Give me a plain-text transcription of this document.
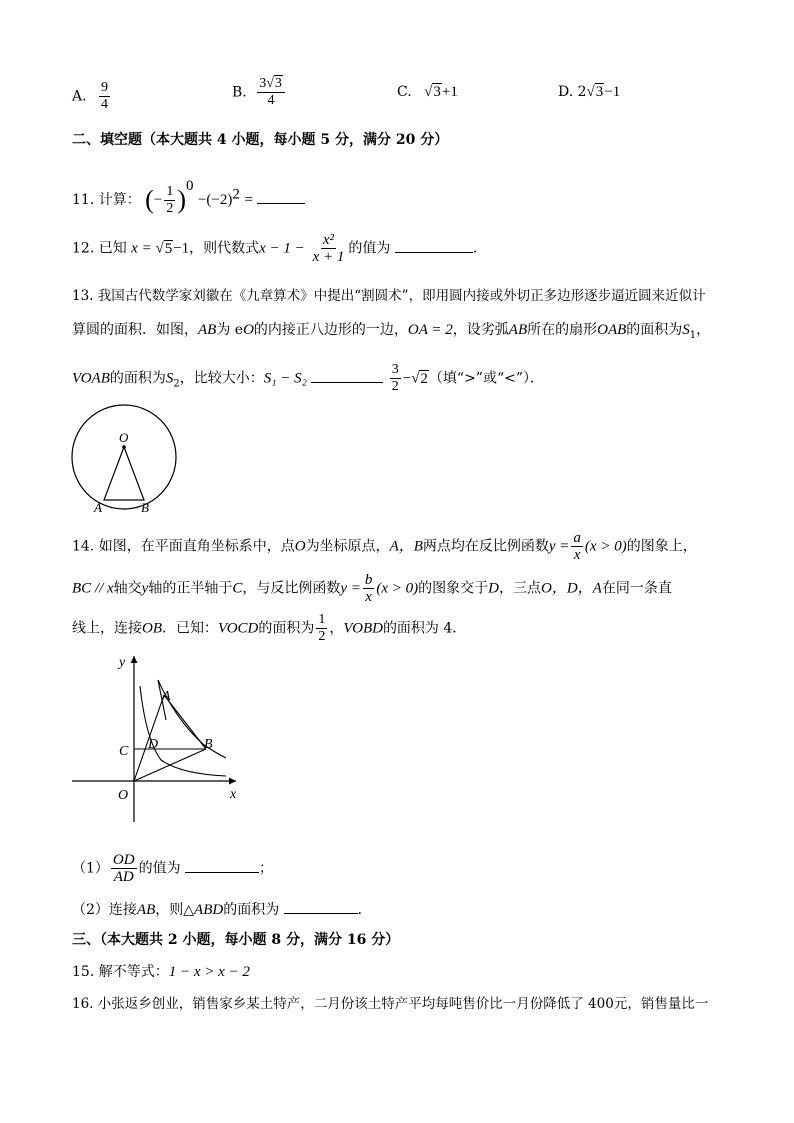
A. $\frac{9}{4}$	B. $\frac{3√3}{4}$	C. √3+1	D. 2√3−1
二、填空题（本大题共 4 小题，每小题 5 分，满分 20 分）
11. 计算： (− $\frac{1}{2} )^0 -(-2)^2$ =
12. 已知 x = √5−1，则代数式$x - 1 - \frac{\text{x²}}{x + 1}$ 的值为	．
13. 我国古代数学家刘徽在《九章算术》中提出“割圆术”，即用圆内接或外切正多边形逐步逼近圆来近似计
算圆的面积．如图，AB为 eO的内接正八边形的一边，OA = 2，设劣弧AB所在的扇形OAB的面积为$S_1$，
VOAB的面积为$S_2$，比较大小：S₁ − S₂	$\frac{3}{2} -√2$（填“>”或“<”）．
O
A	B
14. 如图，在平面直角坐标系中，点O为坐标原点，A，B两点均在反比例函数$y = \frac{a}{x} (x > 0)$的图象上，
BC // x轴交y轴的正半轴于C，与反比例函数$y = \frac{b}{x} (x > 0)$的图象交于D，三点O，D，A在同一条直
线上，连接OB．已知：VOCD的面积为 $\frac{1}{2}$ ，VOBD的面积为 4．
y
x
O
A
B
C D
$(1) \frac{OD}{AD}$ 的值为	；
（2）连接AB，则△ABD的面积为	．
三、（本大题共 2 小题，每小题 8 分，满分 16 分）
15. 解不等式：1 − x > x − 2
16. 小张返乡创业，销售家乡某土特产，二月份该土特产平均每吨售价比一月份降低了 400元，销售量比一
